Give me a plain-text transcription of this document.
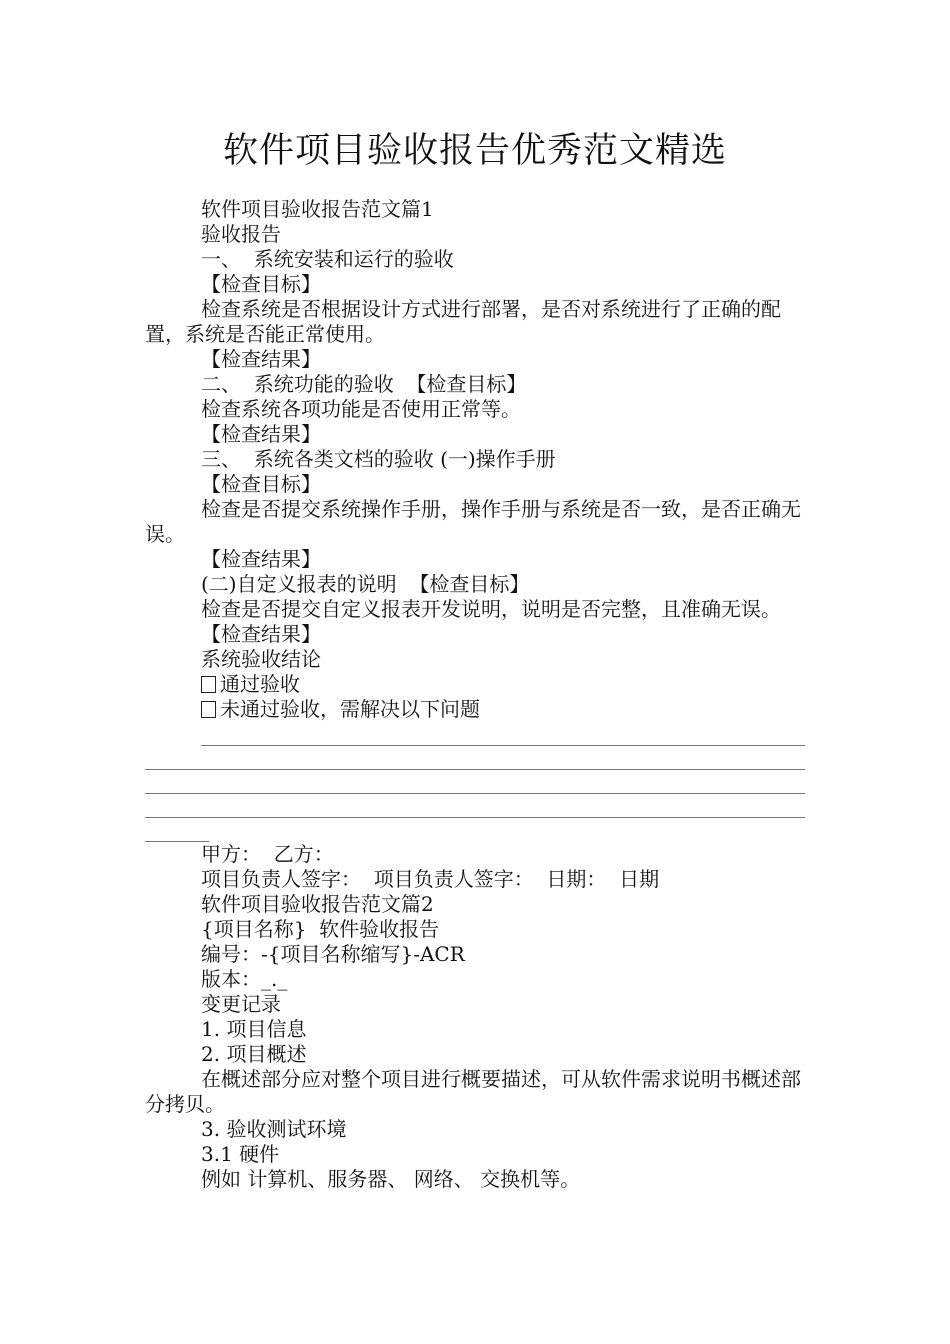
软件项目验收报告优秀范文精选

软件项目验收报告范文篇1

验收报告

一、  系统安装和运行的验收

【检查目标】

检查系统是否根据设计方式进行部署，是否对系统进行了正确的配置，系统是否能正常使用。

【检查结果】

二、  系统功能的验收  【检查目标】

检查系统各项功能是否使用正常等。

【检查结果】

三、  系统各类文档的验收 (一)操作手册

【检查目标】

检查是否提交系统操作手册，操作手册与系统是否一致，是否正确无误。

【检查结果】

(二)自定义报表的说明  【检查目标】

检查是否提交自定义报表开发说明，说明是否完整，且准确无误。

【检查结果】

系统验收结论

通过验收

未通过验收，需解决以下问题

甲方：  乙方：

项目负责人签字：  项目负责人签字：  日期：  日期

软件项目验收报告范文篇2

{项目名称}  软件验收报告

编号：-{项目名称缩写}-ACR

版本：_._

变更记录

1. 项目信息

2. 项目概述

在概述部分应对整个项目进行概要描述，可从软件需求说明书概述部分拷贝。

3. 验收测试环境

3.1 硬件

例如 计算机、服务器、 网络、 交换机等。
